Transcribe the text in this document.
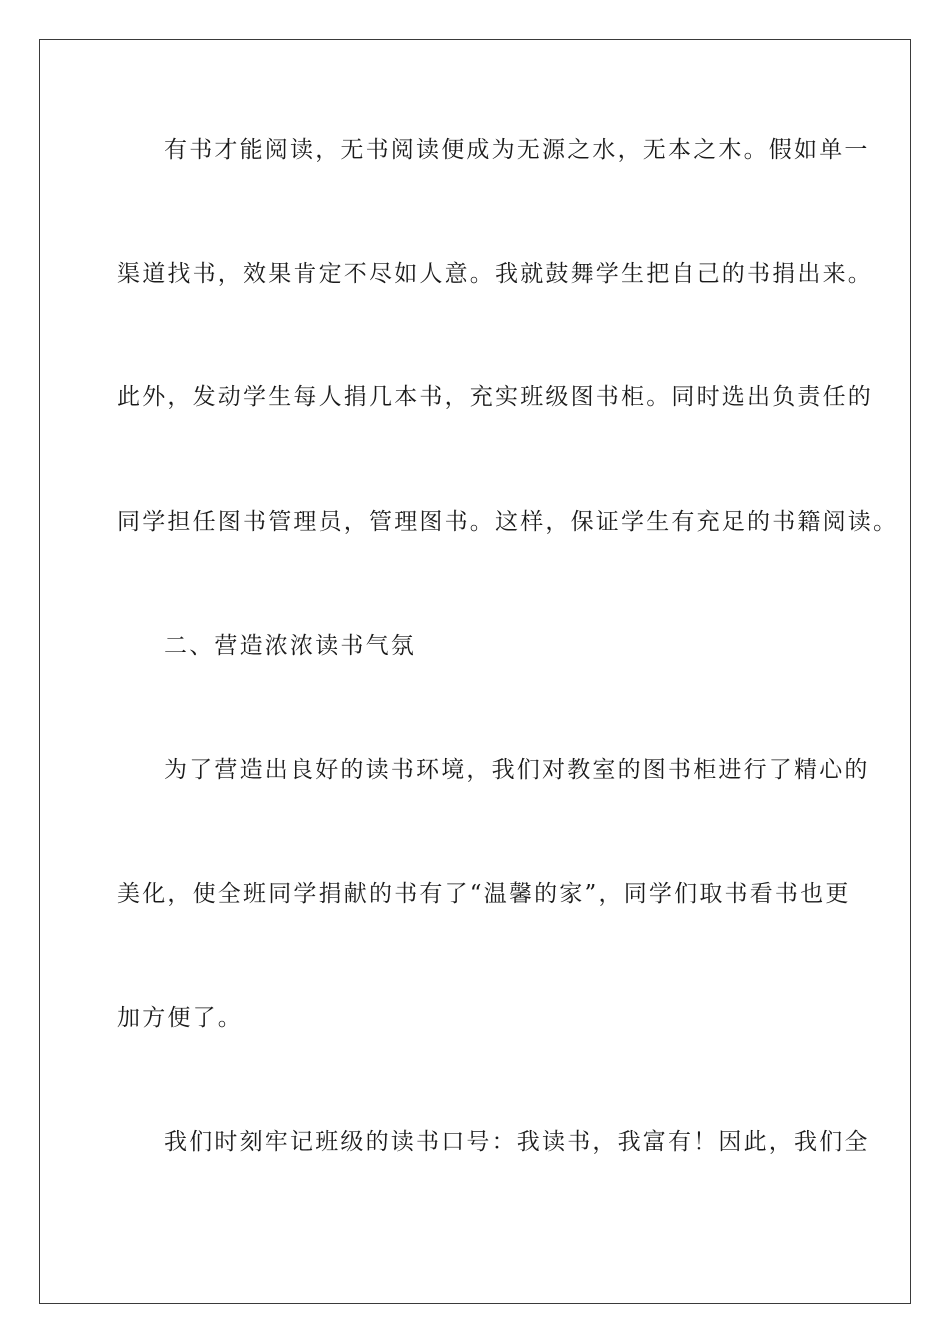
有书才能阅读，无书阅读便成为无源之水，无本之木。假如单一
渠道找书，效果肯定不尽如人意。我就鼓舞学生把自己的书捐出来。
此外，发动学生每人捐几本书，充实班级图书柜。同时选出负责任的
同学担任图书管理员，管理图书。这样，保证学生有充足的书籍阅读。
二、营造浓浓读书气氛
为了营造出良好的读书环境，我们对教室的图书柜进行了精心的
美化，使全班同学捐献的书有了“温馨的家”，同学们取书看书也更
加方便了。
我们时刻牢记班级的读书口号：我读书，我富有！因此，我们全
